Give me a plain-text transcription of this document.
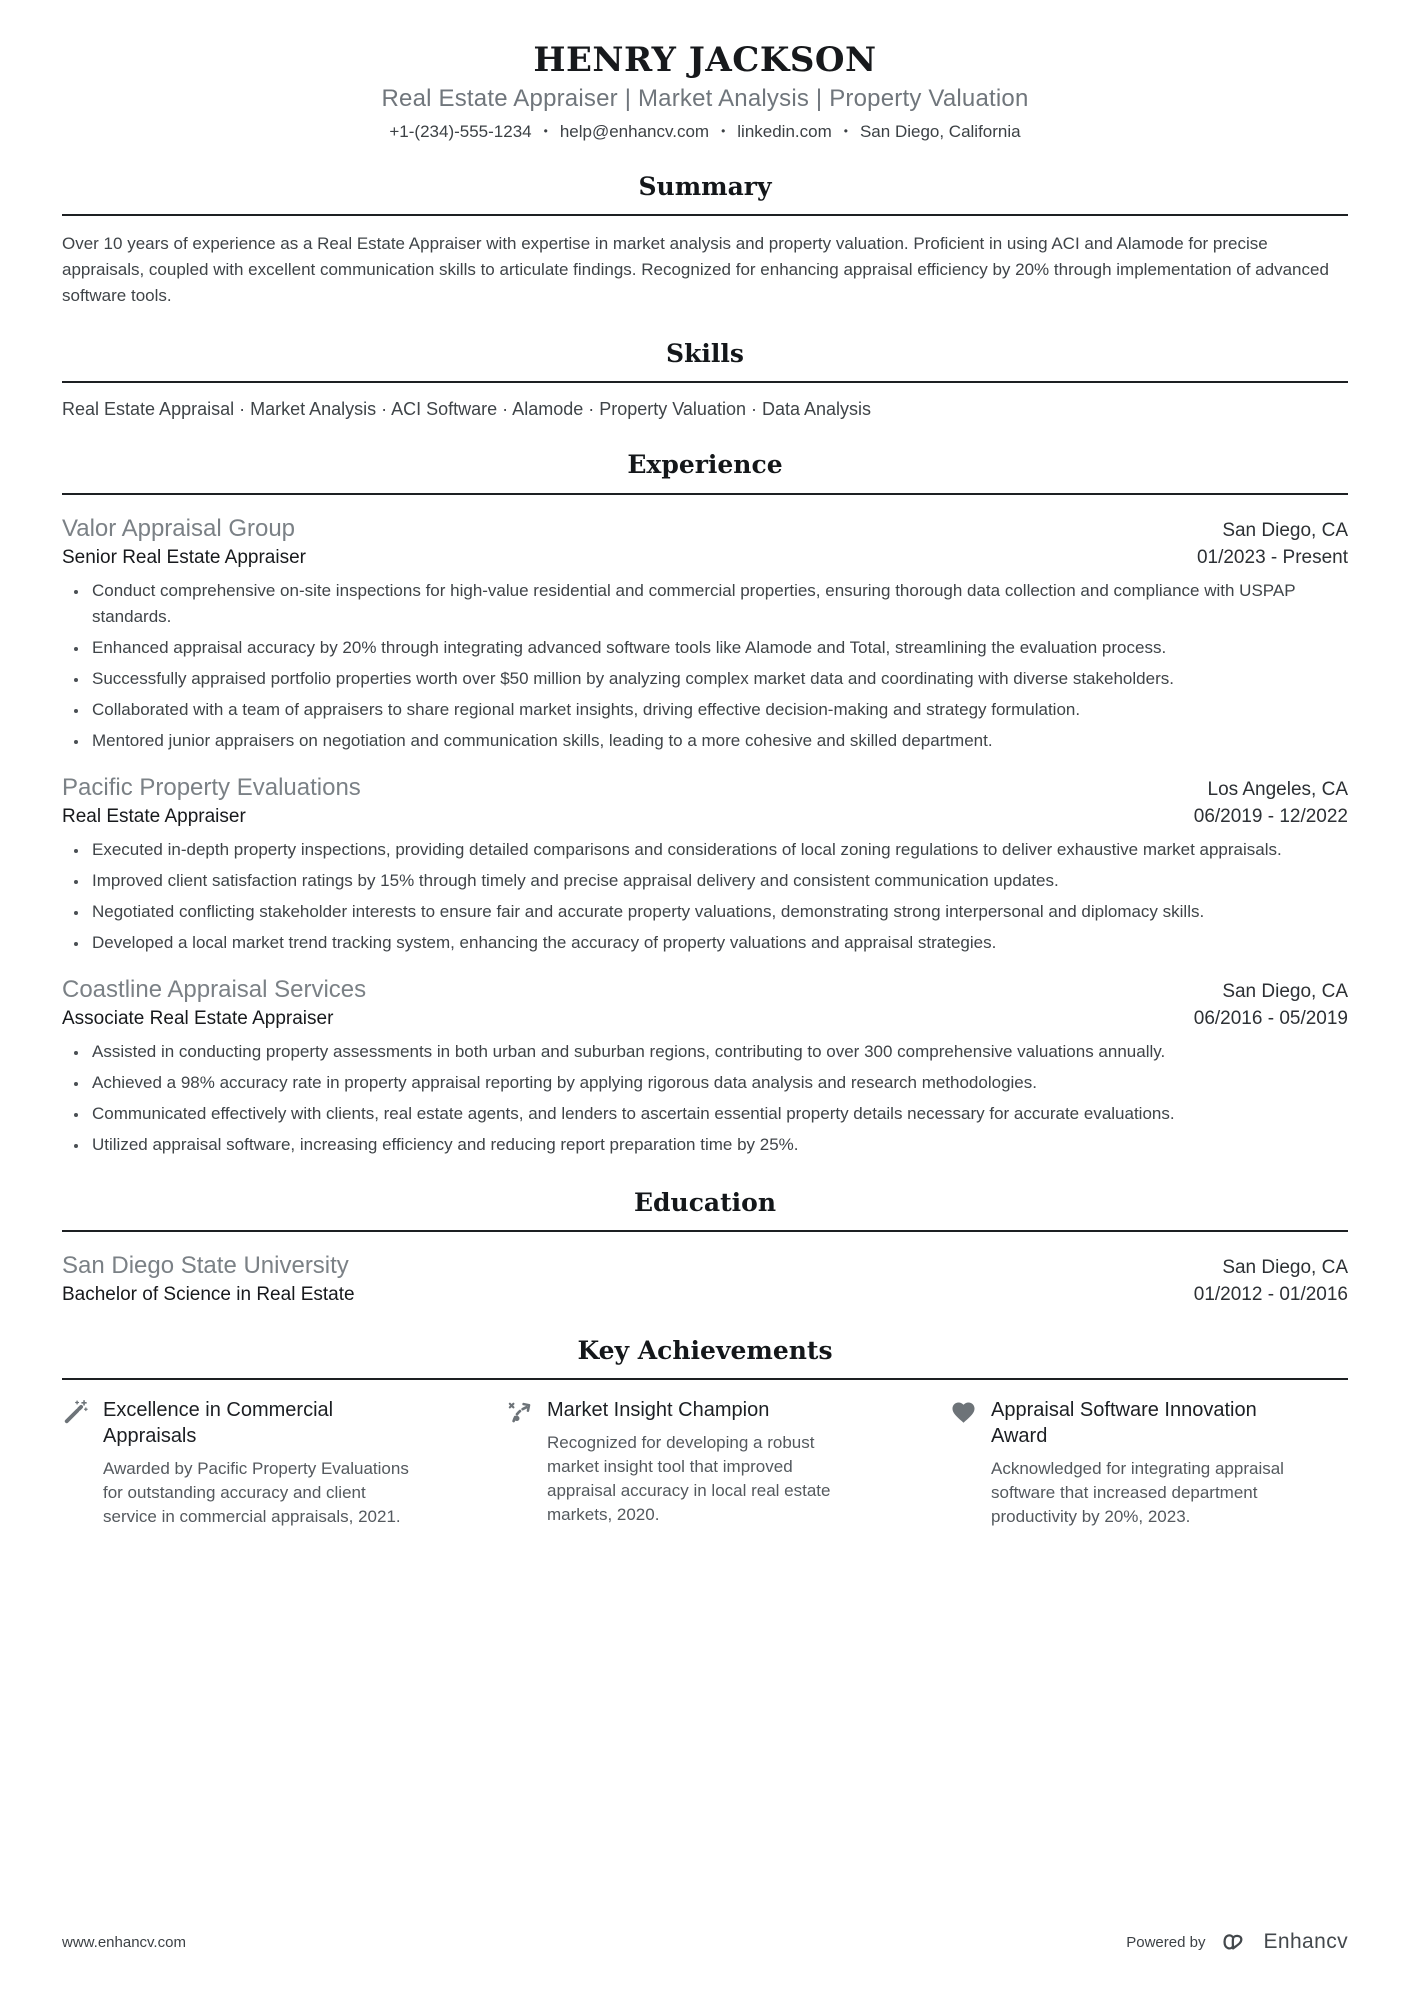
HENRY JACKSON
Real Estate Appraiser | Market Analysis | Property Valuation
+1-(234)-555-1234 • help@enhancv.com • linkedin.com • San Diego, California
Summary

Over 10 years of experience as a Real Estate Appraiser with expertise in market analysis and property valuation. Proficient in using ACI and Alamode for precise appraisals, coupled with excellent communication skills to articulate findings. Recognized for enhancing appraisal efficiency by 20% through implementation of advanced software tools.

Skills
Real Estate Appraisal · Market Analysis · ACI Software · Alamode · Property Valuation · Data Analysis
Experience
Valor Appraisal Group	San Diego, CA
Senior Real Estate Appraiser	01/2023 - Present
• Conduct comprehensive on-site inspections for high-value residential and commercial properties, ensuring thorough data collection and compliance with USPAP standards.
• Enhanced appraisal accuracy by 20% through integrating advanced software tools like Alamode and Total, streamlining the evaluation process.
• Successfully appraised portfolio properties worth over $50 million by analyzing complex market data and coordinating with diverse stakeholders.
• Collaborated with a team of appraisers to share regional market insights, driving effective decision-making and strategy formulation.
• Mentored junior appraisers on negotiation and communication skills, leading to a more cohesive and skilled department.
Pacific Property Evaluations	Los Angeles, CA
Real Estate Appraiser	06/2019 - 12/2022
• Executed in-depth property inspections, providing detailed comparisons and considerations of local zoning regulations to deliver exhaustive market appraisals.
• Improved client satisfaction ratings by 15% through timely and precise appraisal delivery and consistent communication updates.
• Negotiated conflicting stakeholder interests to ensure fair and accurate property valuations, demonstrating strong interpersonal and diplomacy skills.
• Developed a local market trend tracking system, enhancing the accuracy of property valuations and appraisal strategies.
Coastline Appraisal Services	San Diego, CA
Associate Real Estate Appraiser	06/2016 - 05/2019
• Assisted in conducting property assessments in both urban and suburban regions, contributing to over 300 comprehensive valuations annually.
• Achieved a 98% accuracy rate in property appraisal reporting by applying rigorous data analysis and research methodologies.
• Communicated effectively with clients, real estate agents, and lenders to ascertain essential property details necessary for accurate evaluations.
• Utilized appraisal software, increasing efficiency and reducing report preparation time by 25%.
Education
San Diego State University	San Diego, CA
Bachelor of Science in Real Estate	01/2012 - 01/2016
Key Achievements

Excellence in Commercial Appraisals

Awarded by Pacific Property Evaluations for outstanding accuracy and client service in commercial appraisals, 2021.

Market Insight Champion

Recognized for developing a robust market insight tool that improved appraisal accuracy in local real estate markets, 2020.

Appraisal Software Innovation Award

Acknowledged for integrating appraisal software that increased department productivity by 20%, 2023.

www.enhancv.com	Powered by	Enhancv
